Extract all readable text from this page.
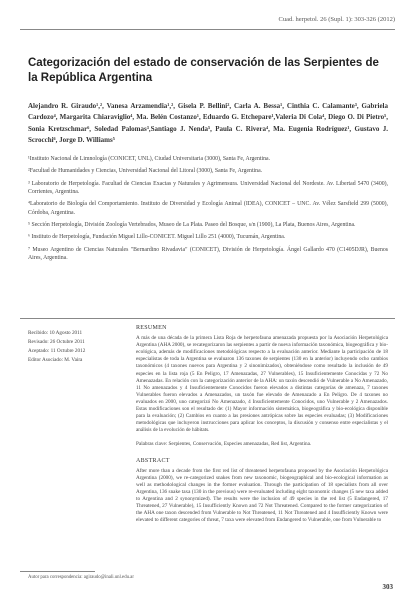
Cuad. herpetol. 26 (Supl. 1): 303-326 (2012)
Categorización del estado de conservación de las Serpientes de la República Argentina
Alejandro R. Giraudo¹,², Vanesa Arzamendia¹,², Gisela P. Bellini², Carla A. Bessa¹, Cinthia C. Calamante³, Gabriela Cardozo⁴, Margarita Chiaraviglio⁴, Ma. Belén Costanzo¹, Eduardo G. Etchepare¹,Valeria Di Cola⁴, Diego O. Di Pietro⁵, Sonia Kretzschmar⁶, Soledad Palomas³,Santiago J. Nenda⁵, Paula C. Rivera⁴, Ma. Eugenia Rodríguez¹, Gustavo J. Scrocchi⁶, Jorge D. Williams⁵

¹Instituto Nacional de Limnología (CONICET, UNL), Ciudad Universitaria (3000), Santa Fe, Argentina.

²Facultad de Humanidades y Ciencias, Universidad Nacional del Litoral (3000), Santa Fe, Argentina.

³ Laboratorio de Herpetología. Facultad de Ciencias Exactas y Naturales y Agrimensura. Universidad Nacional del Nordeste. Av. Libertad 5470 (3400), Corrientes, Argentina.

⁴Laboratorio de Biología del Comportamiento. Instituto de Diversidad y Ecología Animal (IDEA), CONICET – UNC. Av. Vélez Sarsfield 299 (5000), Córdoba, Argentina.

⁵ Sección Herpetología, División Zoología Vertebrados, Museo de La Plata. Paseo del Bosque, s/n (1900), La Plata, Buenos Aires, Argentina.

⁶ Instituto de Herpetología, Fundación Miguel Lillo-CONICET. Miguel Lillo 251 (4000), Tucumán, Argentina.

⁷ Museo Argentino de Ciencias Naturales "Bernardino Rivadavia" (CONICET), División de Herpetología. Ángel Gallardo 470 (C1405DJR), Buenos Aires, Argentina.

Recibido: 10 Agosto 2011
Revisado: 26 Octubre 2011
Aceptado: 11 Octubre 2012
Editor Asociado: M. Vaira
RESUMEN

A más de una década de la primera Lista Roja de herpetofauna amenazada propuesta por la Asociación Herpetológica Argentina (AHA 2000), se recategorizaron las serpientes a partir de nueva información taxonómica, biogeográfica y bio-ecológica, además de modificaciones metodológicas respecto a la evaluación anterior. Mediante la participación de 18 especialistas de toda la Argentina se evaluaron 136 taxones de serpientes (130 en la anterior) incluyendo ocho cambios taxonómicos (4 taxones nuevos para Argentina y 2 sinonimizados), obteniéndose como resultado la inclusión de 49 especies en la lista roja (5 En Peligro, 17 Amenazadas, 27 Vulnerables), 15 Insuficientemente Conocidas y 72 No Amenazadas. En relación con la categorización anterior de la AHA: un taxón descendió de Vulnerable a No Amenazado, 11 No amenazados y 4 Insuficientemente Conocidos fueron elevados a distintas categorías de amenaza, 7 taxones Vulnerables fueron elevados a Amenazados, un taxón fue elevado de Amenazado a En Peligro. De 4 taxones no evaluados en 2000, uno categorizó No Amenazado, 4 Insuficientemente Conocidos, uno Vulnerable y 2 Amenazados. Estas modificaciones son el resultado de: (1) Mayor información sistemática, biogeográfica y bio-ecológica disponible para la evaluación; (2) Cambios en cuanto a las presiones antrópicas sobre las especies evaluadas; (3) Modificaciones metodológicas que incluyeron instrucciones para aplicar los conceptos, la discusión y consenso entre especialistas y el análisis de la evolución de hábitats.

Palabras clave: Serpientes, Conservación, Especies amenazadas, Red list, Argentina.

ABSTRACT

After more than a decade from the first red list of threatened herpetofauna proposed by the Asociación Herpetológica Argentina (2000), we re-categorized snakes from new taxonomic, biogeographical and bio-ecological information as well as methodological changes in the former evaluation. Through the participation of 18 specialists from all over Argentina, 136 snake taxa (130 in the previous) were re-evaluated including eight taxonomic changes (5 new taxa added to Argentina and 2 synonymized). The results were the inclusion of 49 species in the red list (5 Endangered, 17 Threatened, 27 Vulnerable), 15 Insufficiently Known and 72 Not Threatened. Compared to the former categorization of the AHA one taxon descended from Vulnerable to Not Threatened, 11 Not Threatened and 4 Insufficiently Known were elevated to different categories of threat, 7 taxa were elevated from Endangered to Vulnerable, one from Vulnerable to

Autor para correspondencia: agiraudo@inali.unl.edu.ar
303
